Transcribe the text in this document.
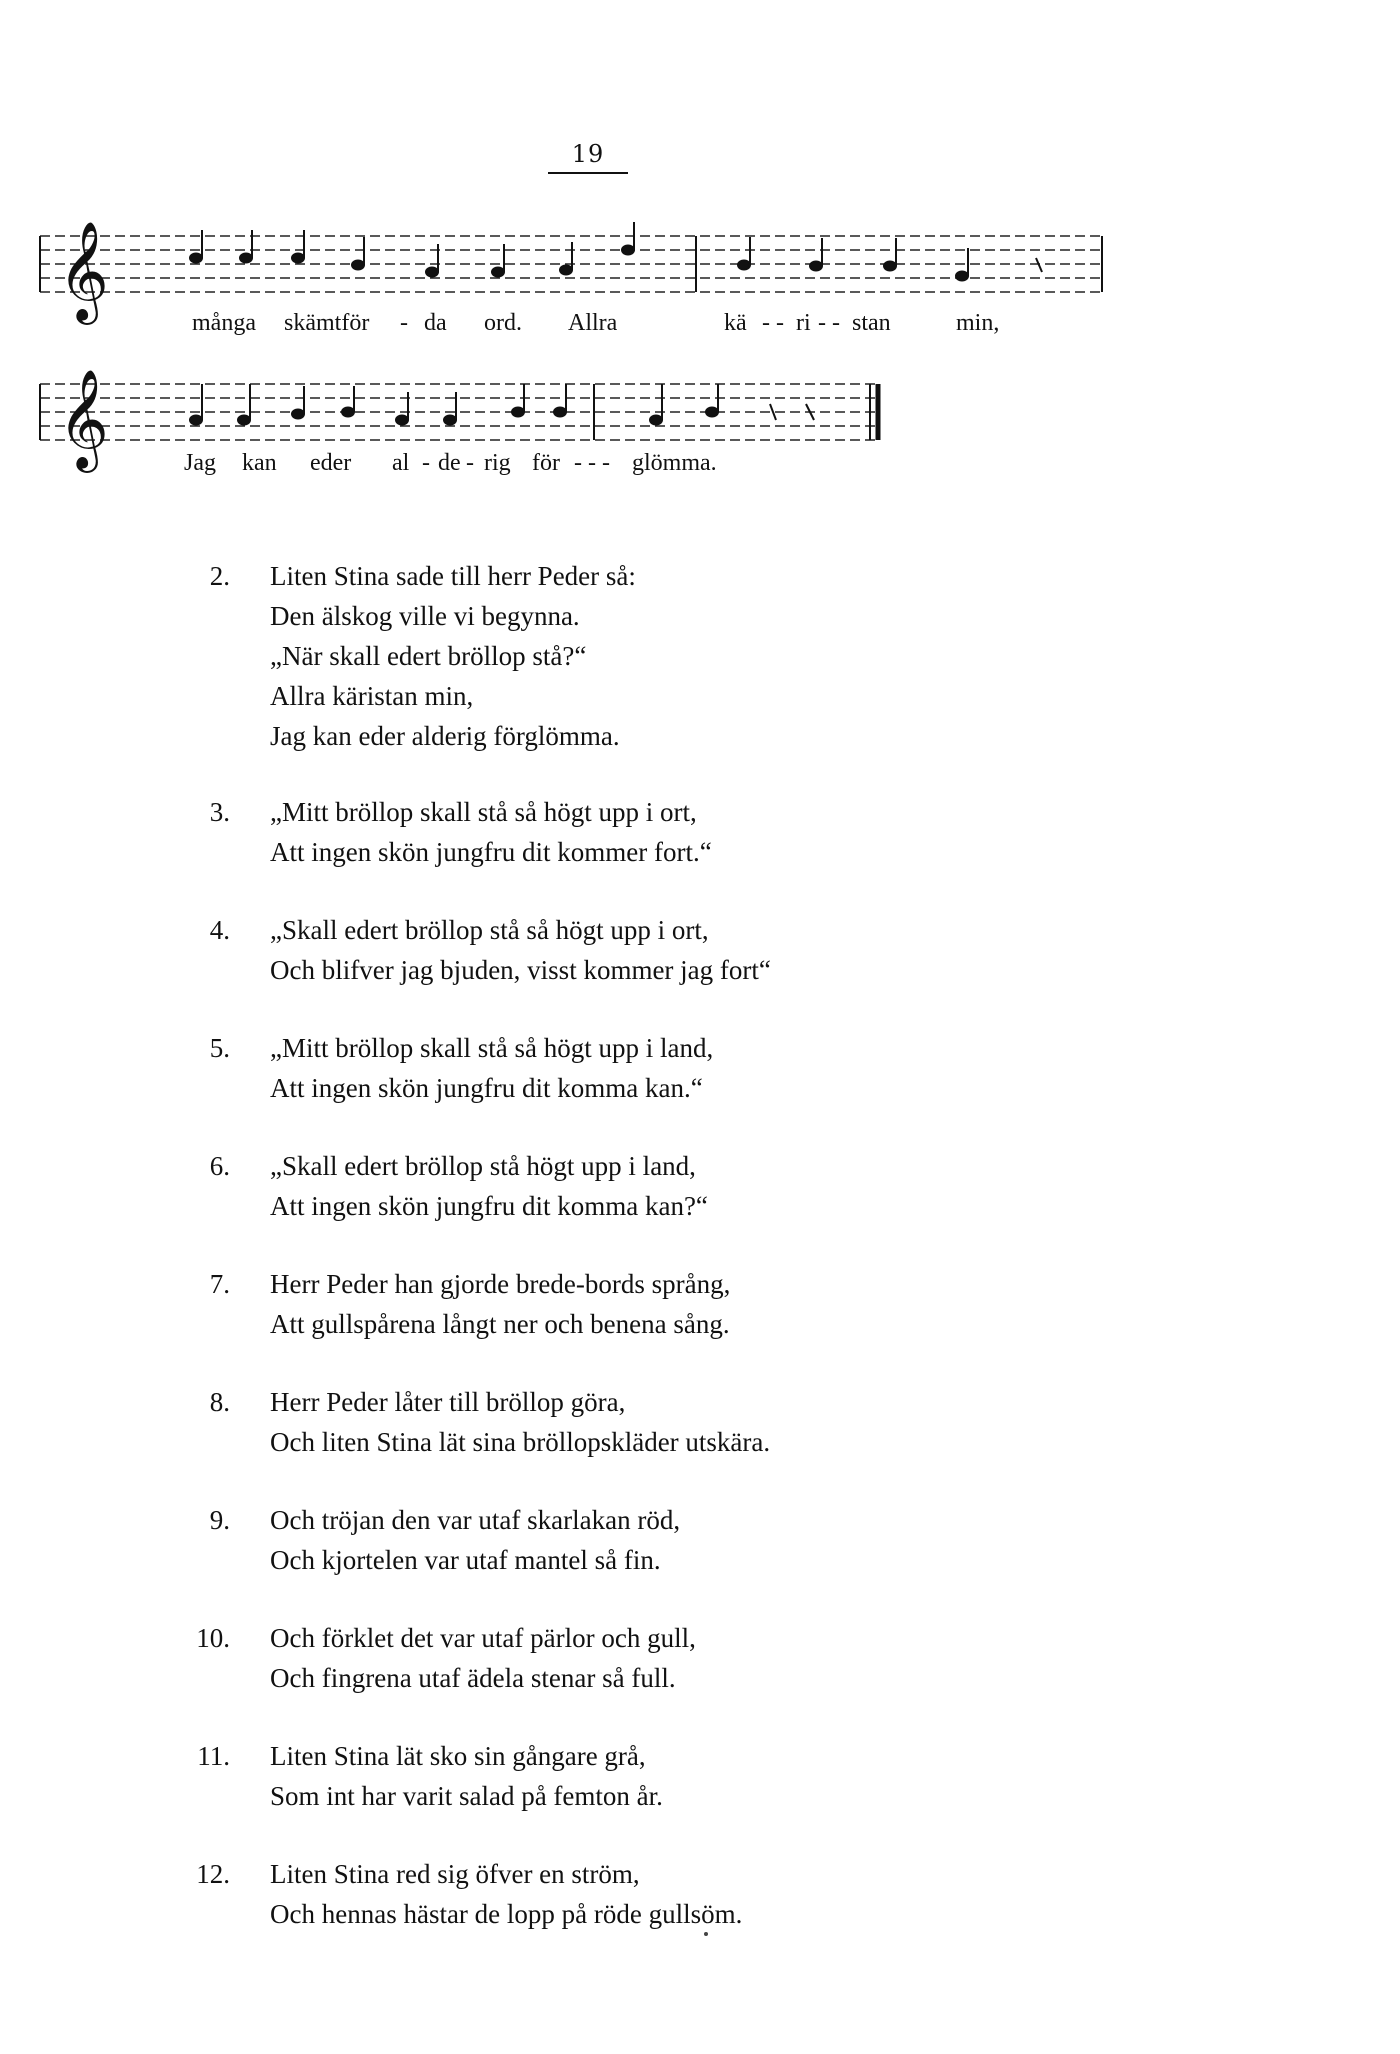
19
𝄞
många skämtför - da ord. Allra	kä - - ri - - stan	min,
𝄞	Jag kan eder al - de - rig för - - - glömma.
2. Liten Stina sade till herr Peder så:
Den älskog ville vi begynna.
„När skall edert bröllop stå?“
Allra käristan min,
Jag kan eder alderig förglömma.
3. „Mitt bröllop skall stå så högt upp i ort,
Att ingen skön jungfru dit kommer fort.“
4. „Skall edert bröllop stå så högt upp i ort,
Och blifver jag bjuden, visst kommer jag fort“
5. „Mitt bröllop skall stå så högt upp i land,
Att ingen skön jungfru dit komma kan.“
6. „Skall edert bröllop stå högt upp i land,
Att ingen skön jungfru dit komma kan?“
7. Herr Peder han gjorde brede-bords språng,
Att gullspårena långt ner och benena sång.
8. Herr Peder låter till bröllop göra,
Och liten Stina lät sina bröllopskläder utskära.
9. Och tröjan den var utaf skarlakan röd,
Och kjortelen var utaf mantel så fin.
10. Och förklet det var utaf pärlor och gull,
Och fingrena utaf ädela stenar så full.
11. Liten Stina lät sko sin gångare grå,
Som int har varit salad på femton år.
12. Liten Stina red sig öfver en ström,
Och hennas hästar de lopp på röde gullsöm.
